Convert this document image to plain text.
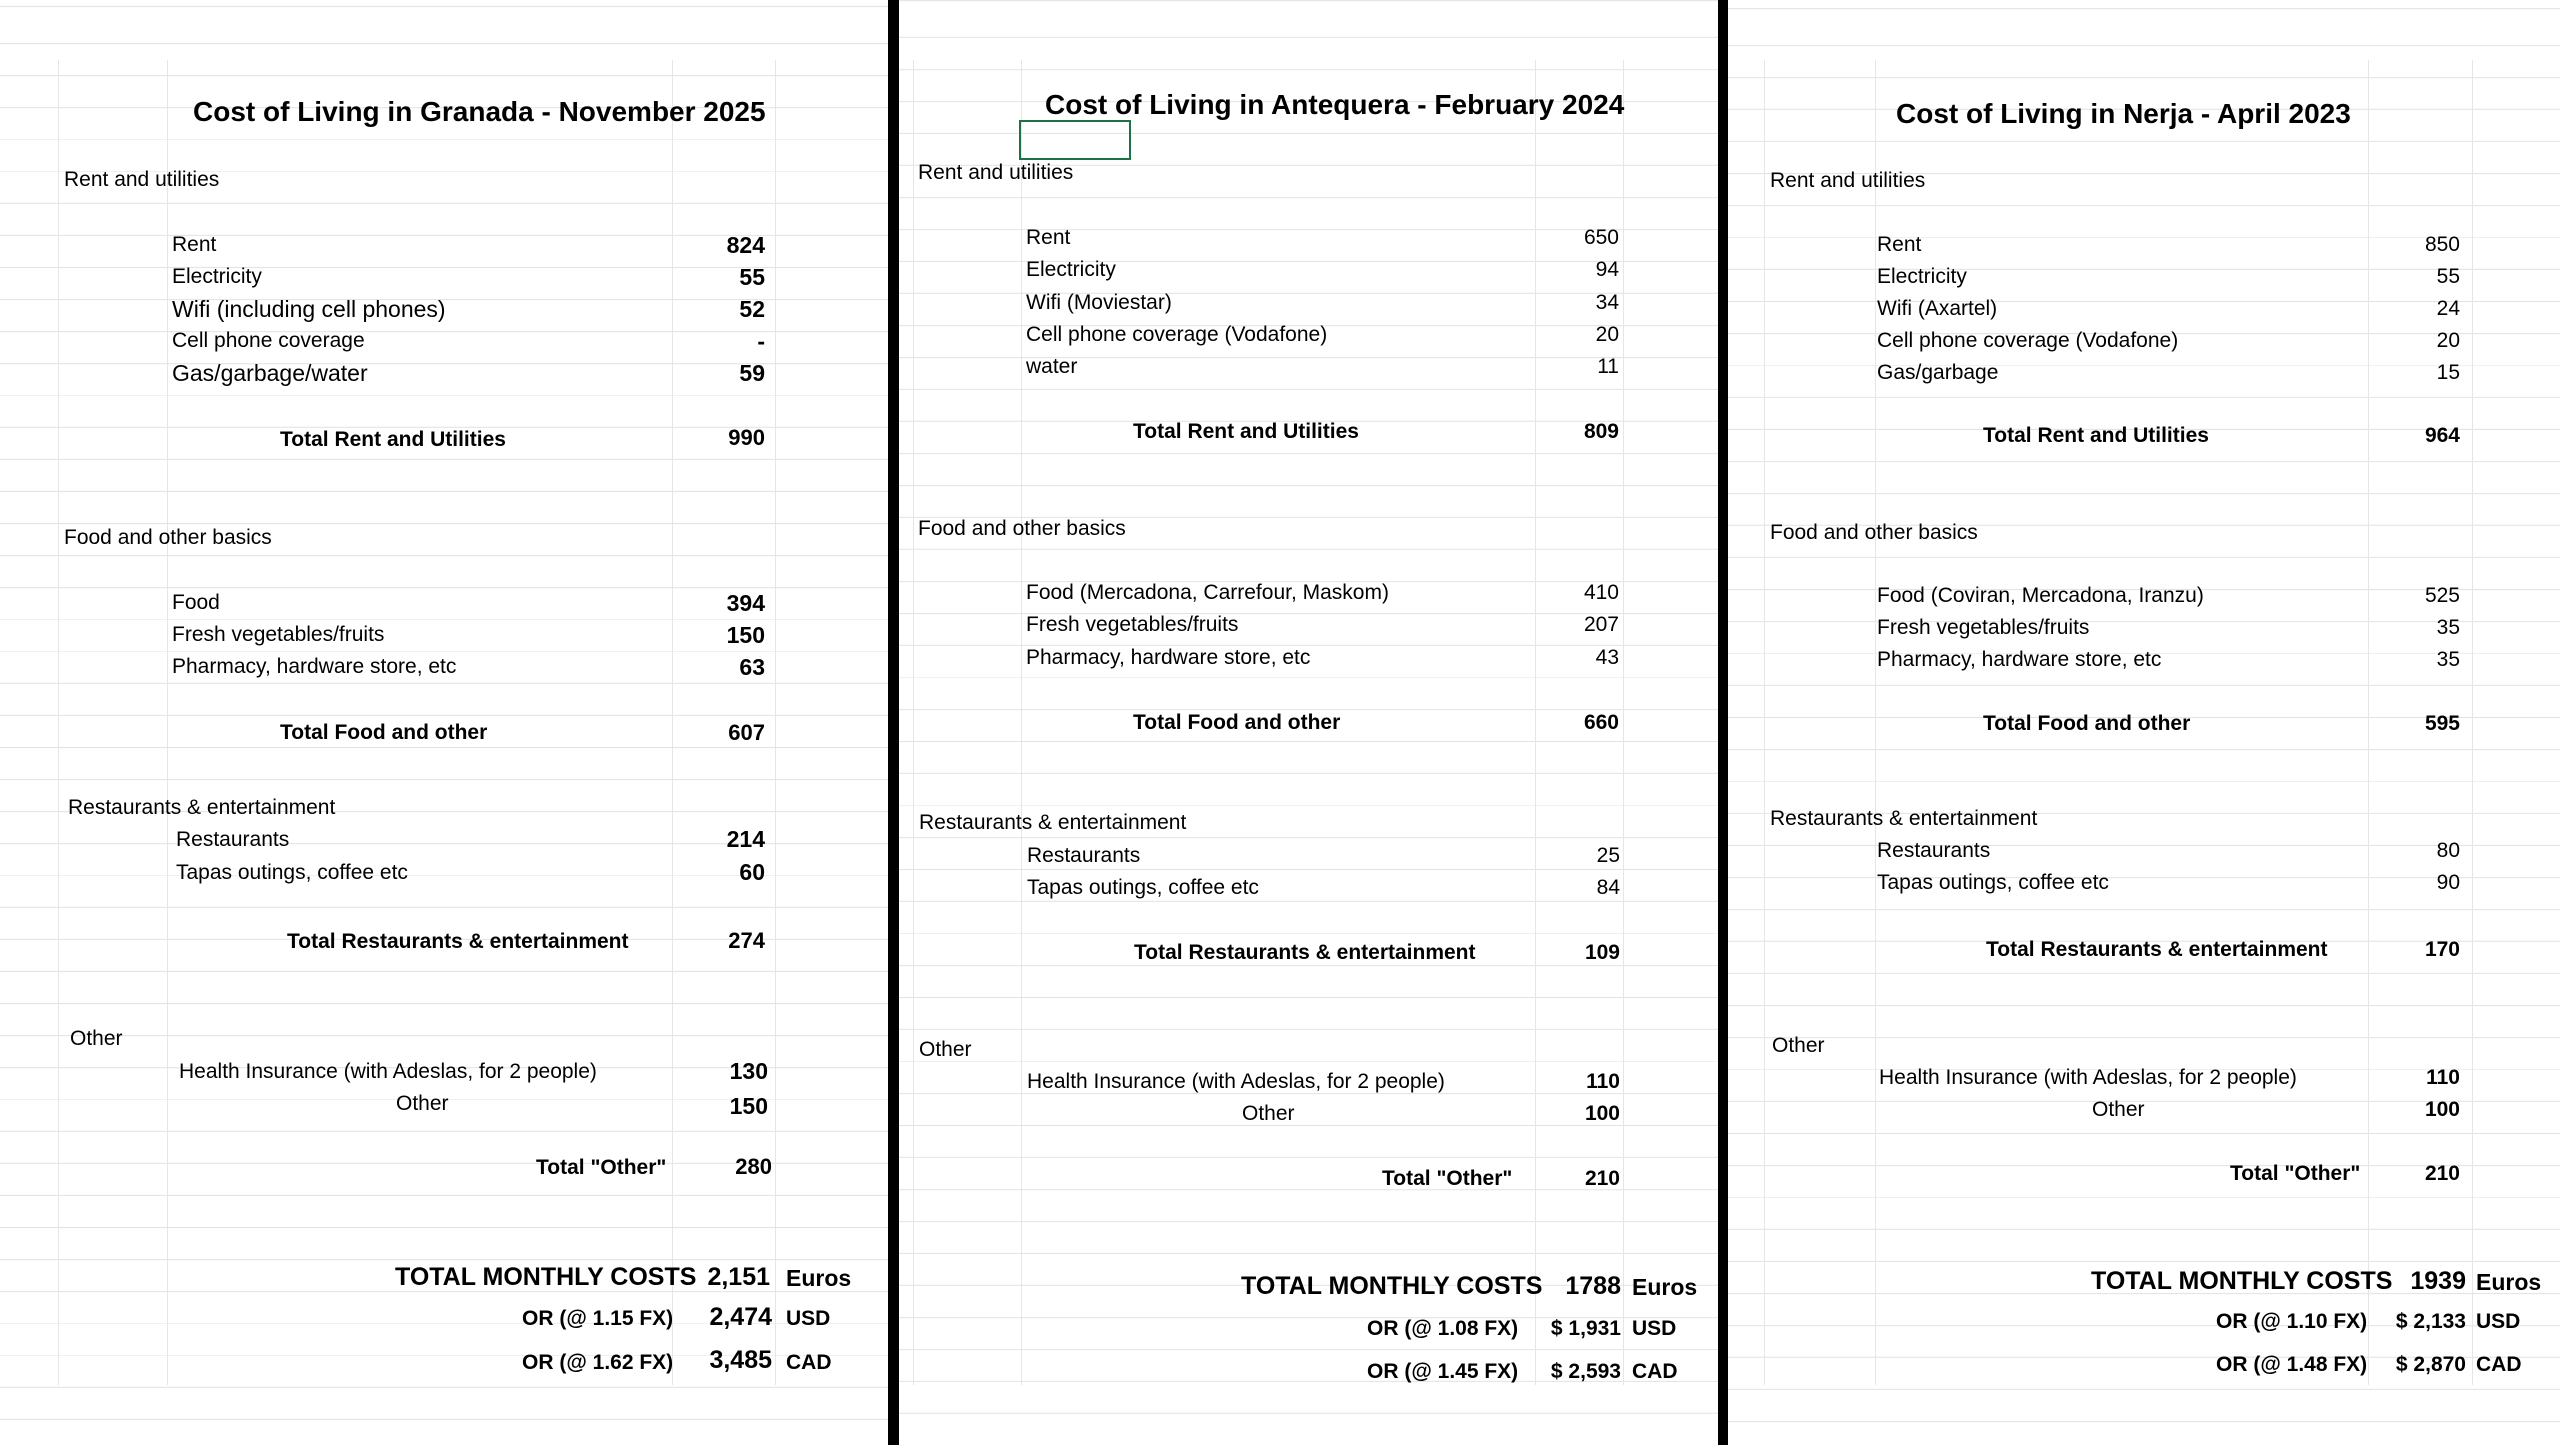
Cost of Living in Granada - November 2025
Rent and utilities
Rent	824
Electricity	55
Wifi (including cell phones)	52
Cell phone coverage	-
Gas/garbage/water	59
Total Rent and Utilities	990
Food and other basics
Food	394
Fresh vegetables/fruits	150
Pharmacy, hardware store, etc	63
Total Food and other	607
Restaurants & entertainment
Restaurants	214
Tapas outings, coffee etc	60
Total Restaurants & entertainment	274
Other
Health Insurance (with Adeslas, for 2 people)	130
Other	150
Total "Other"	280
TOTAL MONTHLY COSTS 2,151 Euros
OR (@ 1.15 FX)	2,474 USD
OR (@ 1.62 FX)	3,485 CAD
Cost of Living in Antequera - February 2024
Rent and utilities
Rent	650
Electricity	94
Wifi (Moviestar)	34
Cell phone coverage (Vodafone)	20
water	11
Total Rent and Utilities	809
Food and other basics
Food (Mercadona, Carrefour, Maskom)	410
Fresh vegetables/fruits	207
Pharmacy, hardware store, etc	43
Total Food and other	660
Restaurants & entertainment
Restaurants	25
Tapas outings, coffee etc	84
Total Restaurants & entertainment	109
Other
Health Insurance (with Adeslas, for 2 people)	110
Other	100
Total "Other"	210
TOTAL MONTHLY COSTS 1788 Euros
OR (@ 1.08 FX)	$ 1,931 USD
OR (@ 1.45 FX)	$ 2,593 CAD
Cost of Living in Nerja - April 2023
Rent and utilities
Rent	850
Electricity	55
Wifi (Axartel)	24
Cell phone coverage (Vodafone)	20
Gas/garbage	15
Total Rent and Utilities	964
Food and other basics
Food (Coviran, Mercadona, Iranzu)	525
Fresh vegetables/fruits	35
Pharmacy, hardware store, etc	35
Total Food and other	595
Restaurants & entertainment
Restaurants	80
Tapas outings, coffee etc	90
Total Restaurants & entertainment	170
Other
Health Insurance (with Adeslas, for 2 people)	110
Other	100
Total "Other"	210
TOTAL MONTHLY COSTS 1939 Euros
OR (@ 1.10 FX)	$ 2,133 USD
OR (@ 1.48 FX)	$ 2,870 CAD
